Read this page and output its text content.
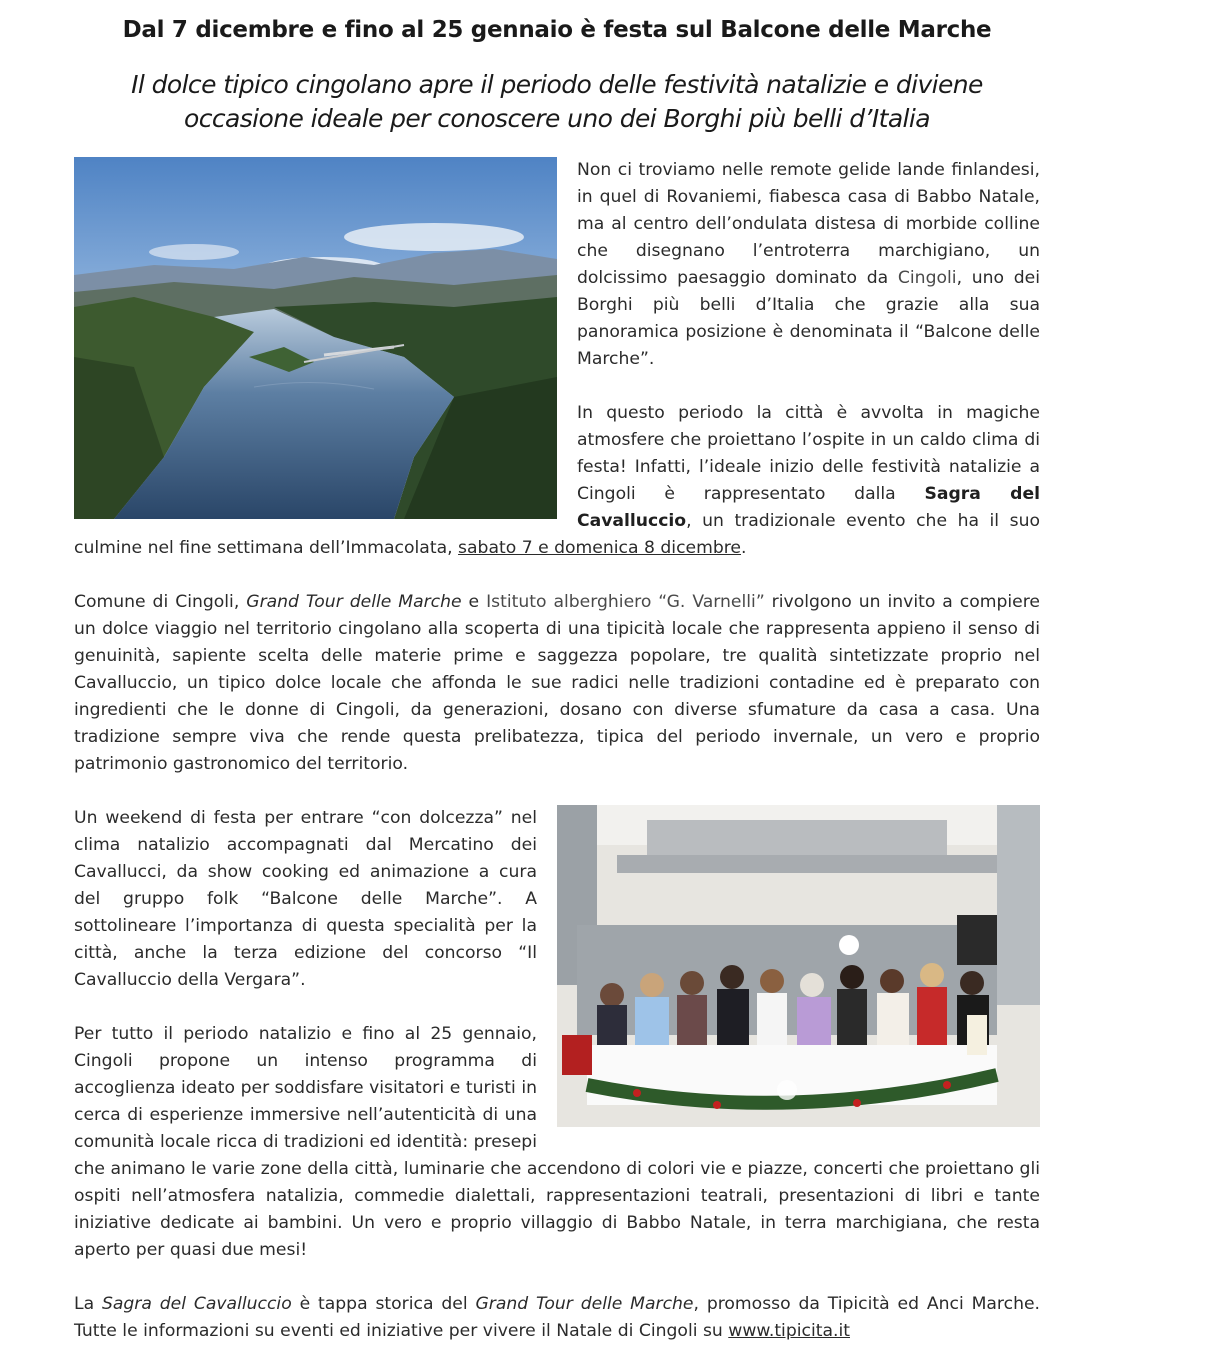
Dal 7 dicembre e fino al 25 gennaio è festa sul Balcone delle Marche
Il dolce tipico cingolano apre il periodo delle festività natalizie e diviene occasione ideale per conoscere uno dei Borghi più belli d’Italia

Non ci troviamo nelle remote gelide lande finlandesi, in quel di Rovaniemi, fiabesca casa di Babbo Natale, ma al centro dell’ondulata distesa di morbide colline che disegnano l’entroterra marchigiano, un dolcissimo paesaggio dominato da Cingoli, uno dei Borghi più belli d’Italia che grazie alla sua panoramica posizione è denominata il “Balcone delle Marche”.

In questo periodo la città è avvolta in magiche atmosfere che proiettano l’ospite in un caldo clima di festa! Infatti, l’ideale inizio delle festività natalizie a Cingoli è rappresentato dalla Sagra del Cavalluccio, un tradizionale evento che ha il suo culmine nel fine settimana dell’Immacolata, sabato 7 e domenica 8 dicembre.

Comune di Cingoli, Grand Tour delle Marche e Istituto alberghiero “G. Varnelli” rivolgono un invito a compiere un dolce viaggio nel territorio cingolano alla scoperta di una tipicità locale che rappresenta appieno il senso di genuinità, sapiente scelta delle materie prime e saggezza popolare, tre qualità sintetizzate proprio nel Cavalluccio, un tipico dolce locale che affonda le sue radici nelle tradizioni contadine ed è preparato con ingredienti che le donne di Cingoli, da generazioni, dosano con diverse sfumature da casa a casa. Una tradizione sempre viva che rende questa prelibatezza, tipica del periodo invernale, un vero e proprio patrimonio gastronomico del territorio.

Un weekend di festa per entrare “con dolcezza” nel clima natalizio accompagnati dal Mercatino dei Cavallucci, da show cooking ed animazione a cura del gruppo folk “Balcone delle Marche”. A sottolineare l’importanza di questa specialità per la città, anche la terza edizione del concorso “Il Cavalluccio della Vergara”.

Per tutto il periodo natalizio e fino al 25 gennaio, Cingoli propone un intenso programma di accoglienza ideato per soddisfare visitatori e turisti in cerca di esperienze immersive nell’autenticità di una comunità locale ricca di tradizioni ed identità: presepi che animano le varie zone della città, luminarie che accendono di colori vie e piazze, concerti che proiettano gli ospiti nell’atmosfera natalizia, commedie dialettali, rappresentazioni teatrali, presentazioni di libri e tante iniziative dedicate ai bambini. Un vero e proprio villaggio di Babbo Natale, in terra marchigiana, che resta aperto per quasi due mesi!

La Sagra del Cavalluccio è tappa storica del Grand Tour delle Marche, promosso da Tipicità ed Anci Marche. Tutte le informazioni su eventi ed iniziative per vivere il Natale di Cingoli su www.tipicita.it
